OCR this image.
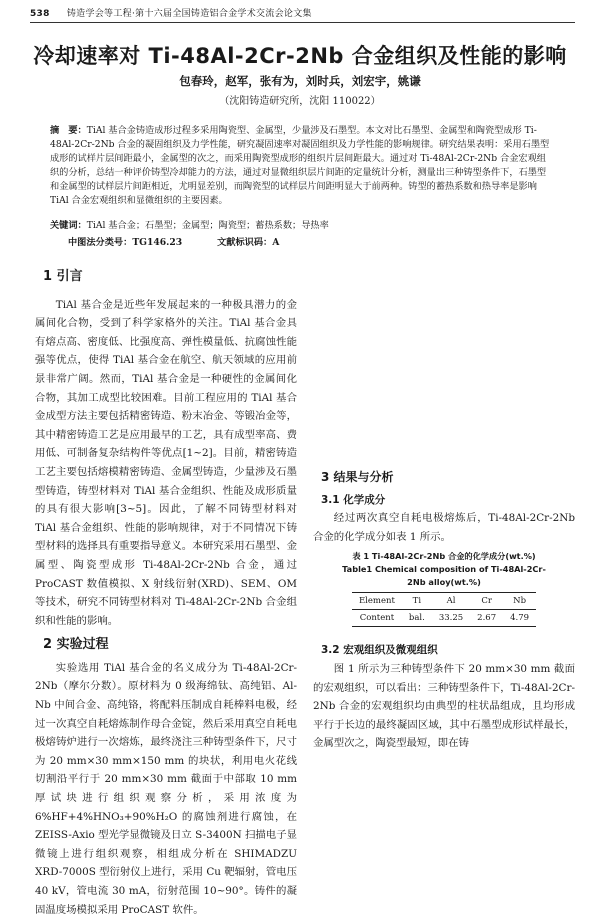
538 铸造学会等工程·第十六届全国铸造铝合金学术交流会论文集
冷却速率对 Ti-48Al-2Cr-2Nb 合金组织及性能的影响
包春玲，赵军，张有为，刘时兵，刘宏宇，姚谦
（沈阳铸造研究所，沈阳 110022）
摘　要：TiAl 基合金铸造成形过程多采用陶瓷型、金属型，少量涉及石墨型。本文对比石墨型、金属型和陶瓷型成形 Ti-48Al-2Cr-2Nb 合金的凝固组织及力学性能，研究凝固速率对凝固组织及力学性能的影响规律。研究结果表明：采用石墨型成形的试样片层间距最小，金属型的次之，而采用陶瓷型成形的组织片层间距最大。通过对 Ti-48Al-2Cr-2Nb 合金宏观组织的分析，总结一种评价铸型冷却能力的方法，通过对显微组织层片间距的定量统计分析，测量出三种铸型条件下，石墨型和金属型的试样层片间距相近，尤明显差别，而陶瓷型的试样层片间距明显大于前两种。铸型的蓄热系数和热导率是影响 TiAl 合金宏观组织和显微组织的主要因素。
关键词：TiAl 基合金；石墨型；金属型；陶瓷型；蓄热系数；导热率
中图法分类号：TG146.23	文献标识码：A
1 引言

TiAl 基合金是近些年发展起来的一种极具潜力的金属间化合物，受到了科学家格外的关注。TiAl 基合金具有熔点高、密度低、比强度高、弹性模量低、抗腐蚀性能强等优点，使得 TiAl 基合金在航空、航天领域的应用前景非常广阔。然而，TiAl 基合金是一种硬性的金属间化合物，其加工成型比较困难。目前工程应用的 TiAl 基合金成型方法主要包括精密铸造、粉末冶金、等锻冶金等，其中精密铸造工艺是应用最早的工艺，具有成型率高、费用低、可制备复杂结构件等优点[1~2]。目前，精密铸造工艺主要包括熔模精密铸造、金属型铸造，少量涉及石墨型铸造，铸型材料对 TiAl 基合金组织、性能及成形质量的具有很大影响[3~5]。因此，了解不同铸型材料对 TiAl 基合金组织、性能的影响规律，对于不同情况下铸型材料的选择具有重要指导意义。本研究采用石墨型、金属型、陶瓷型成形 Ti-48Al-2Cr-2Nb 合金，通过 ProCAST 数值模拟、X 射线衍射(XRD)、SEM、OM 等技术，研究不同铸型材料对 Ti-48Al-2Cr-2Nb 合金组织和性能的影响。

2 实验过程

实验选用 TiAl 基合金的名义成分为 Ti-48Al-2Cr-2Nb（摩尔分数）。原材料为 0 级海绵钛、高纯铝、Al-Nb 中间合金、高纯铬，将配料压制成自耗棒料电极，经过一次真空自耗熔炼制作母合金锭，然后采用真空自耗电极熔铸炉进行一次熔炼，最终浇注三种铸型条件下，尺寸为 20 mm×30 mm×150 mm 的块状，利用电火花线切割沿平行于 20 mm×30 mm 截面于中部取 10 mm 厚试块进行组织观察分析，采用浓度为 6%HF+4%HNO₃+90%H₂O 的腐蚀剂进行腐蚀，在 ZEISS-Axio 型光学显微镜及日立 S-3400N 扫描电子显微镜上进行组织观察，相组成分析在 SHIMADZU XRD-7000S 型衍射仪上进行，采用 Cu 靶辐射，管电压 40 kV，管电流 30 mA，衍射范围 10~90°。铸件的凝固温度场模拟采用 ProCAST 软件。

3 结果与分析
3.1 化学成分

经过两次真空自耗电极熔炼后，Ti-48Al-2Cr-2Nb 合金的化学成分如表 1 所示。

表 1 Ti-48Al-2Cr-2Nb 合金的化学成分(wt.%)
Table1 Chemical composition of Ti-48Al-2Cr-2Nb alloy(wt.%)
Element	Ti	Al	Cr	Nb
Content	bal.	33.25	2.67	4.79
3.2 宏观组织及微观组织

图 1 所示为三种铸型条件下 20 mm×30 mm 截面的宏观组织，可以看出：三种铸型条件下，Ti-48Al-2Cr-2Nb 合金的宏观组织均由典型的柱状晶组成，且均形成平行于长边的最终凝固区域，其中石墨型成形试样最长，金属型次之，陶瓷型最短，即在铸
